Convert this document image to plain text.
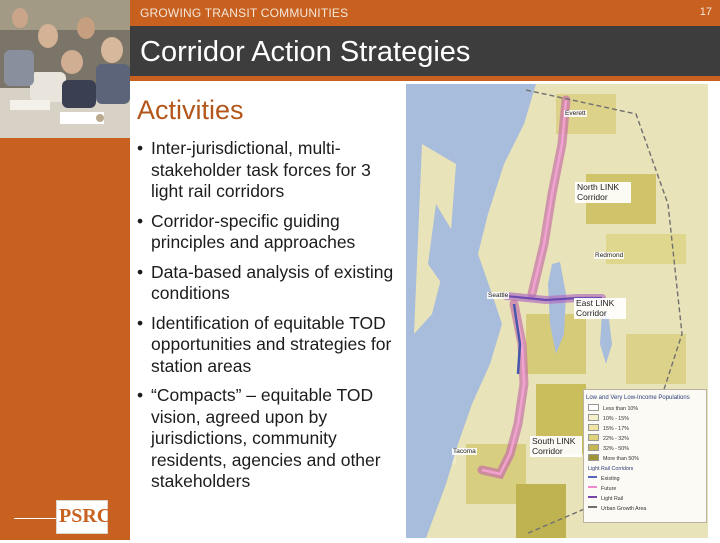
GROWING TRANSIT COMMUNITIES	17
Corridor Action Strategies
Activities
• Inter-jurisdictional, multi-stakeholder task forces for 3 light rail corridors
• Corridor-specific guiding principles and approaches
• Data-based analysis of existing conditions
• Identification of equitable TOD opportunities and strategies for station areas
• “Compacts” – equitable TOD vision, agreed upon by jurisdictions, community residents, agencies and other stakeholders
PSRC
Everett
Redmond
Seattle
Tacoma
North LINK Corridor
East LINK Corridor
South LINK Corridor
Low and Very Low-Income Populations
Less than 10%
10% - 15%
15% - 17%
22% - 32%
32% - 50%
More than 50%
Light Rail Corridors
Existing
Future
Light Rail
Urban Growth Area
